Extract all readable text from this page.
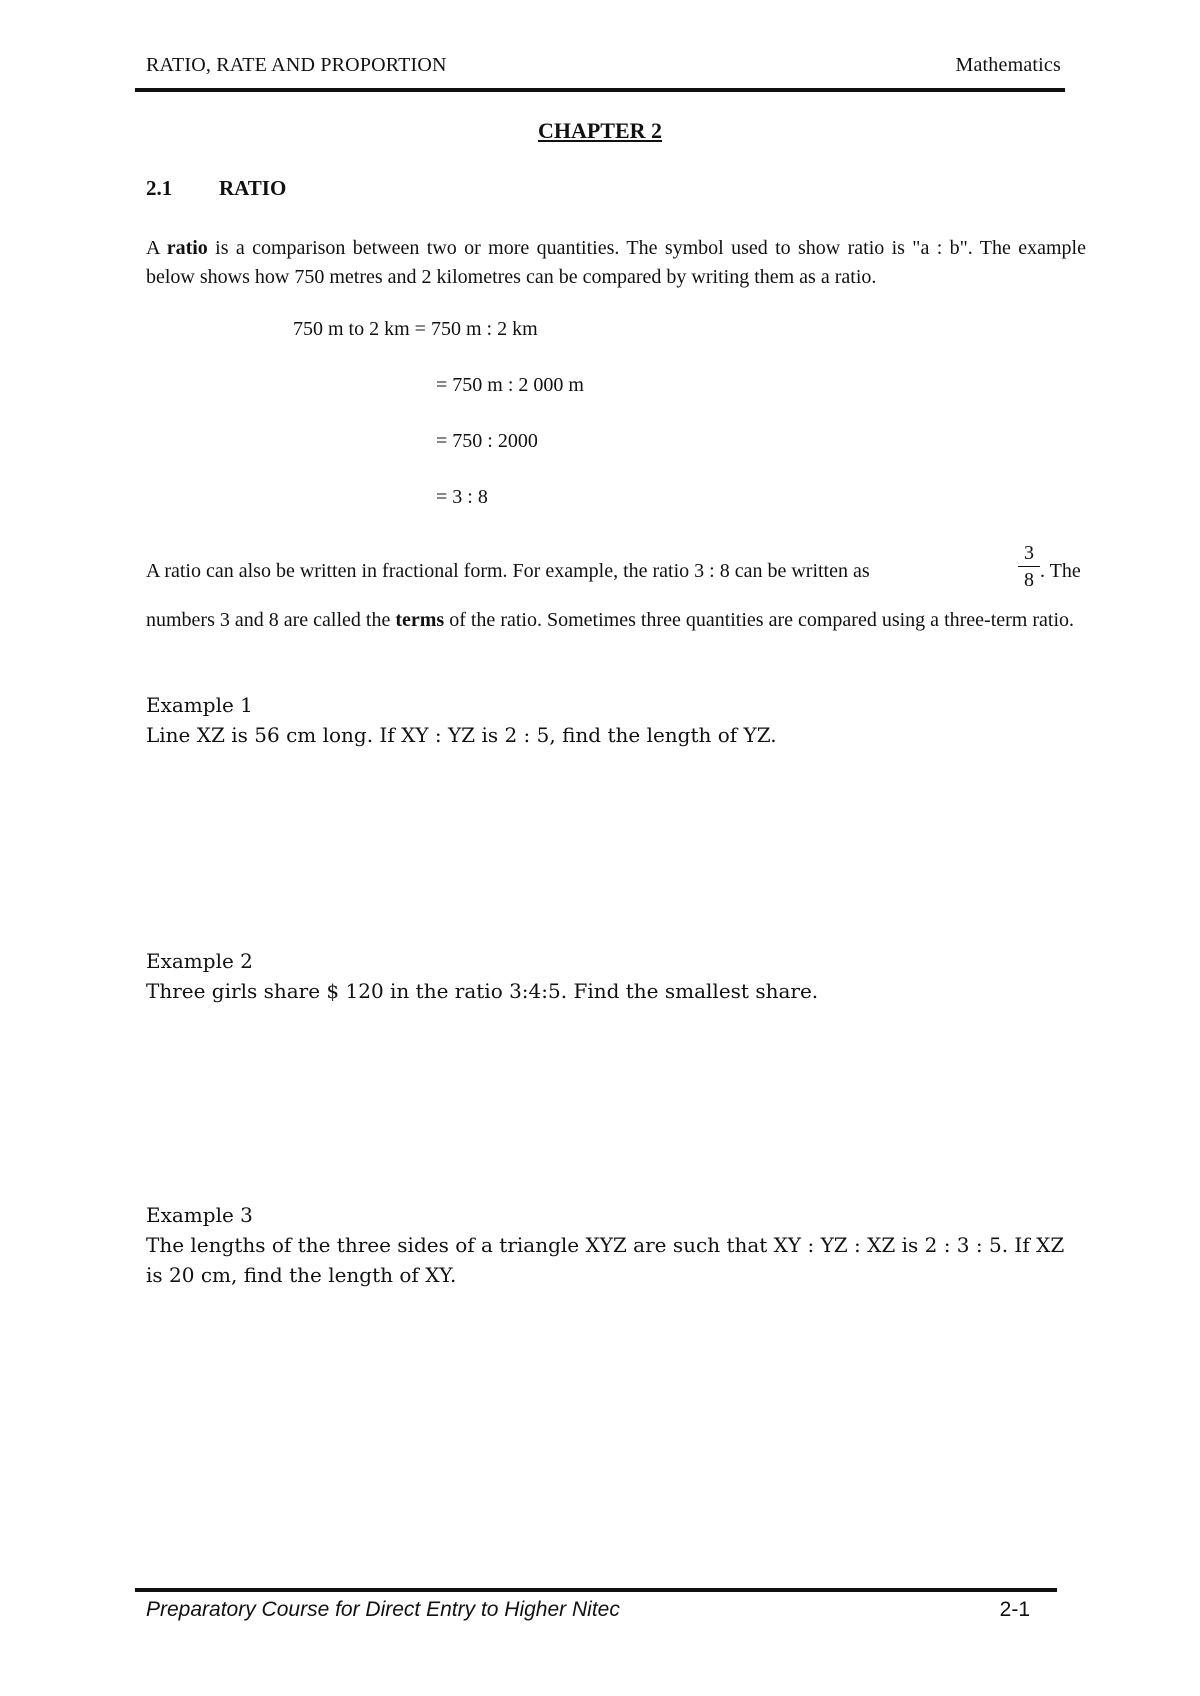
RATIO, RATE AND PROPORTION	Mathematics

CHAPTER 2

2.1 RATIO

A ratio is a comparison between two or more quantities. The symbol used to show ratio is "a : b". The example below shows how 750 metres and 2 kilometres can be compared by writing them as a ratio.

750 m to 2 km = 750 m : 2 km

= 750 m : 2 000 m

= 750 : 2000

= 3 : 8

A ratio can also be written in fractional form. For example, the ratio 3 : 8 can be written as

3
8 . The

numbers 3 and 8 are called the terms of the ratio. Sometimes three quantities are compared using a three-term ratio.

Example 1
Line XZ is 56 cm long. If XY : YZ is 2 : 5, find the length of YZ.
Example 2
Three girls share $ 120 in the ratio 3:4:5. Find the smallest share.
Example 3
The lengths of the three sides of a triangle XYZ are such that XY : YZ : XZ is 2 : 3 : 5. If XZ is 20 cm, find the length of XY.

Preparatory Course for Direct Entry to Higher Nitec	2-1
